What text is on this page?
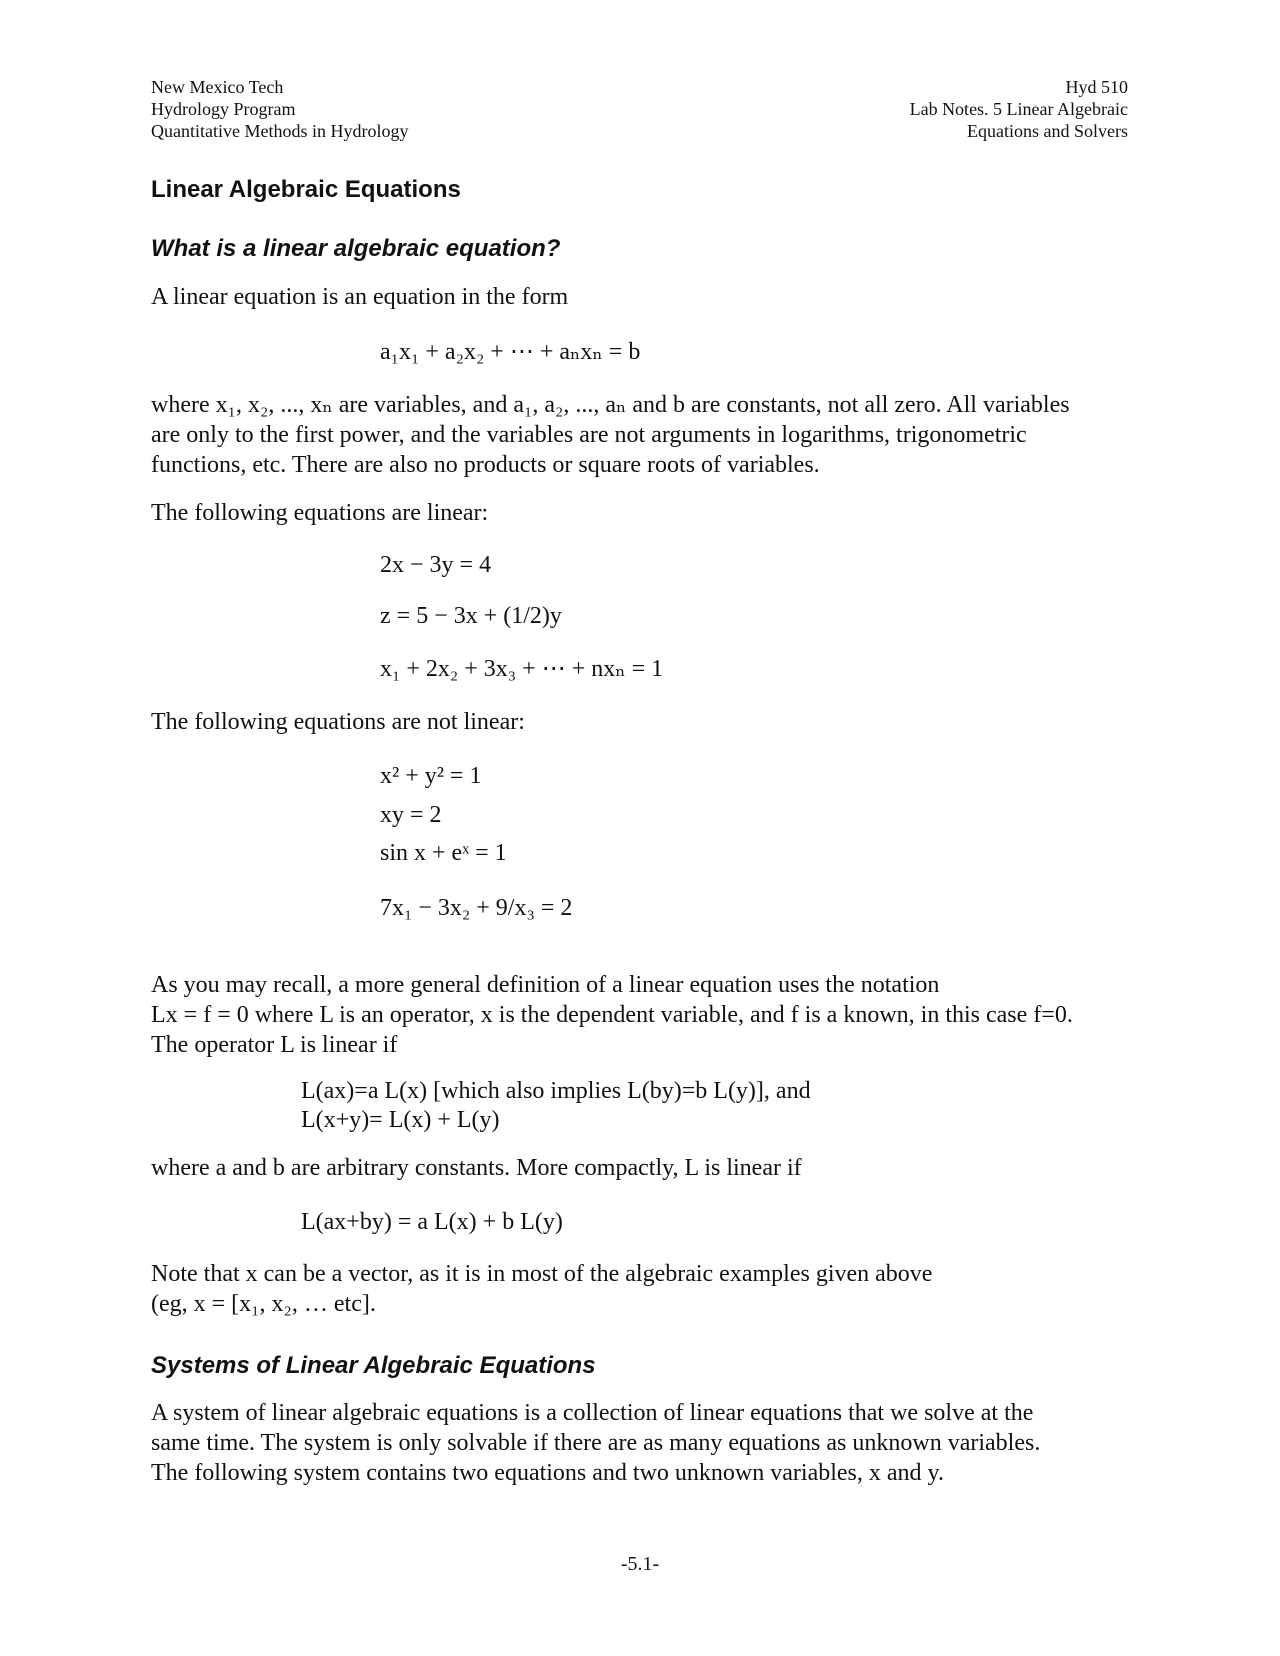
New Mexico Tech
Hydrology Program
Quantitative Methods in Hydrology
Hyd 510
Lab Notes. 5 Linear Algebraic
Equations and Solvers
Linear Algebraic Equations
What is a linear algebraic equation?
A linear equation is an equation in the form
a₁x₁ + a₂x₂ + ⋯ + aₙxₙ = b
where x₁, x₂, ..., xₙ are variables, and a₁, a₂, ..., aₙ and b are constants, not all zero. All variables
are only to the first power, and the variables are not arguments in logarithms, trigonometric
functions, etc. There are also no products or square roots of variables.
The following equations are linear:
2x − 3y = 4
z = 5 − 3x + (1/2)y
x₁ + 2x₂ + 3x₃ + ⋯ + nxₙ = 1
The following equations are not linear:
x² + y² = 1
xy = 2
sin x + eˣ = 1
7x₁ − 3x₂ + 9/x₃ = 2
As you may recall, a more general definition of a linear equation uses the notation
Lx = f = 0 where L is an operator, x is the dependent variable, and f is a known, in this case f=0.
The operator L is linear if
L(ax)=a L(x) [which also implies L(by)=b L(y)], and
L(x+y)= L(x) + L(y)
where a and b are arbitrary constants. More compactly, L is linear if
L(ax+by) = a L(x) + b L(y)
Note that x can be a vector, as it is in most of the algebraic examples given above
(eg, x = [x₁, x₂, … etc].
Systems of Linear Algebraic Equations
A system of linear algebraic equations is a collection of linear equations that we solve at the
same time. The system is only solvable if there are as many equations as unknown variables.
The following system contains two equations and two unknown variables, x and y.
-5.1-
